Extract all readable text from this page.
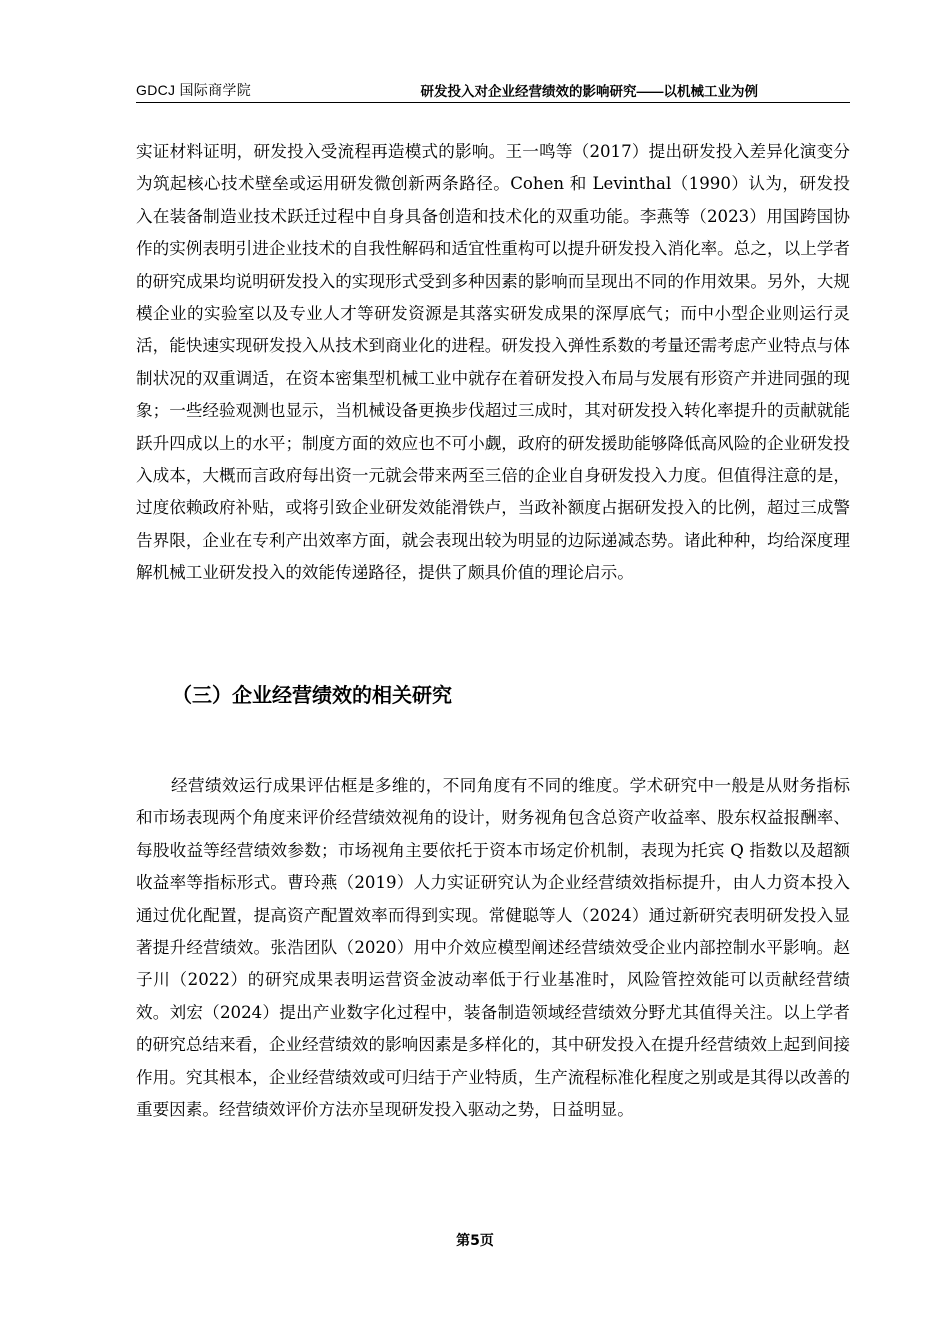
GDCJ 国际商学院	研发投入对企业经营绩效的影响研究——以机械工业为例

实证材料证明，研发投入受流程再造模式的影响。王一鸣等（2017）提出研发投入差异化演变分为筑起核心技术壁垒或运用研发微创新两条路径。Cohen 和 Levinthal（1990）认为，研发投入在装备制造业技术跃迁过程中自身具备创造和技术化的双重功能。李燕等（2023）用国跨国协作的实例表明引进企业技术的自我性解码和适宜性重构可以提升研发投入消化率。总之，以上学者的研究成果均说明研发投入的实现形式受到多种因素的影响而呈现出不同的作用效果。另外，大规模企业的实验室以及专业人才等研发资源是其落实研发成果的深厚底气；而中小型企业则运行灵活，能快速实现研发投入从技术到商业化的进程。研发投入弹性系数的考量还需考虑产业特点与体制状况的双重调适，在资本密集型机械工业中就存在着研发投入布局与发展有形资产并进同强的现象；一些经验观测也显示，当机械设备更换步伐超过三成时，其对研发投入转化率提升的贡献就能跃升四成以上的水平；制度方面的效应也不可小觑，政府的研发援助能够降低高风险的企业研发投入成本，大概而言政府每出资一元就会带来两至三倍的企业自身研发投入力度。但值得注意的是，过度依赖政府补贴，或将引致企业研发效能滑铁卢，当政补额度占据研发投入的比例，超过三成警告界限，企业在专利产出效率方面，就会表现出较为明显的边际递减态势。诸此种种，均给深度理解机械工业研发投入的效能传递路径，提供了颇具价值的理论启示。

（三）企业经营绩效的相关研究

经营绩效运行成果评估框是多维的，不同角度有不同的维度。学术研究中一般是从财务指标和市场表现两个角度来评价经营绩效视角的设计，财务视角包含总资产收益率、股东权益报酬率、每股收益等经营绩效参数；市场视角主要依托于资本市场定价机制，表现为托宾 Q 指数以及超额收益率等指标形式。曹玲燕（2019）人力实证研究认为企业经营绩效指标提升，由人力资本投入通过优化配置，提高资产配置效率而得到实现。常健聪等人（2024）通过新研究表明研发投入显著提升经营绩效。张浩团队（2020）用中介效应模型阐述经营绩效受企业内部控制水平影响。赵子川（2022）的研究成果表明运营资金波动率低于行业基准时，风险管控效能可以贡献经营绩效。刘宏（2024）提出产业数字化过程中，装备制造领域经营绩效分野尤其值得关注。以上学者的研究总结来看，企业经营绩效的影响因素是多样化的，其中研发投入在提升经营绩效上起到间接作用。究其根本，企业经营绩效或可归结于产业特质，生产流程标准化程度之别或是其得以改善的重要因素。经营绩效评价方法亦呈现研发投入驱动之势，日益明显。

第5页
